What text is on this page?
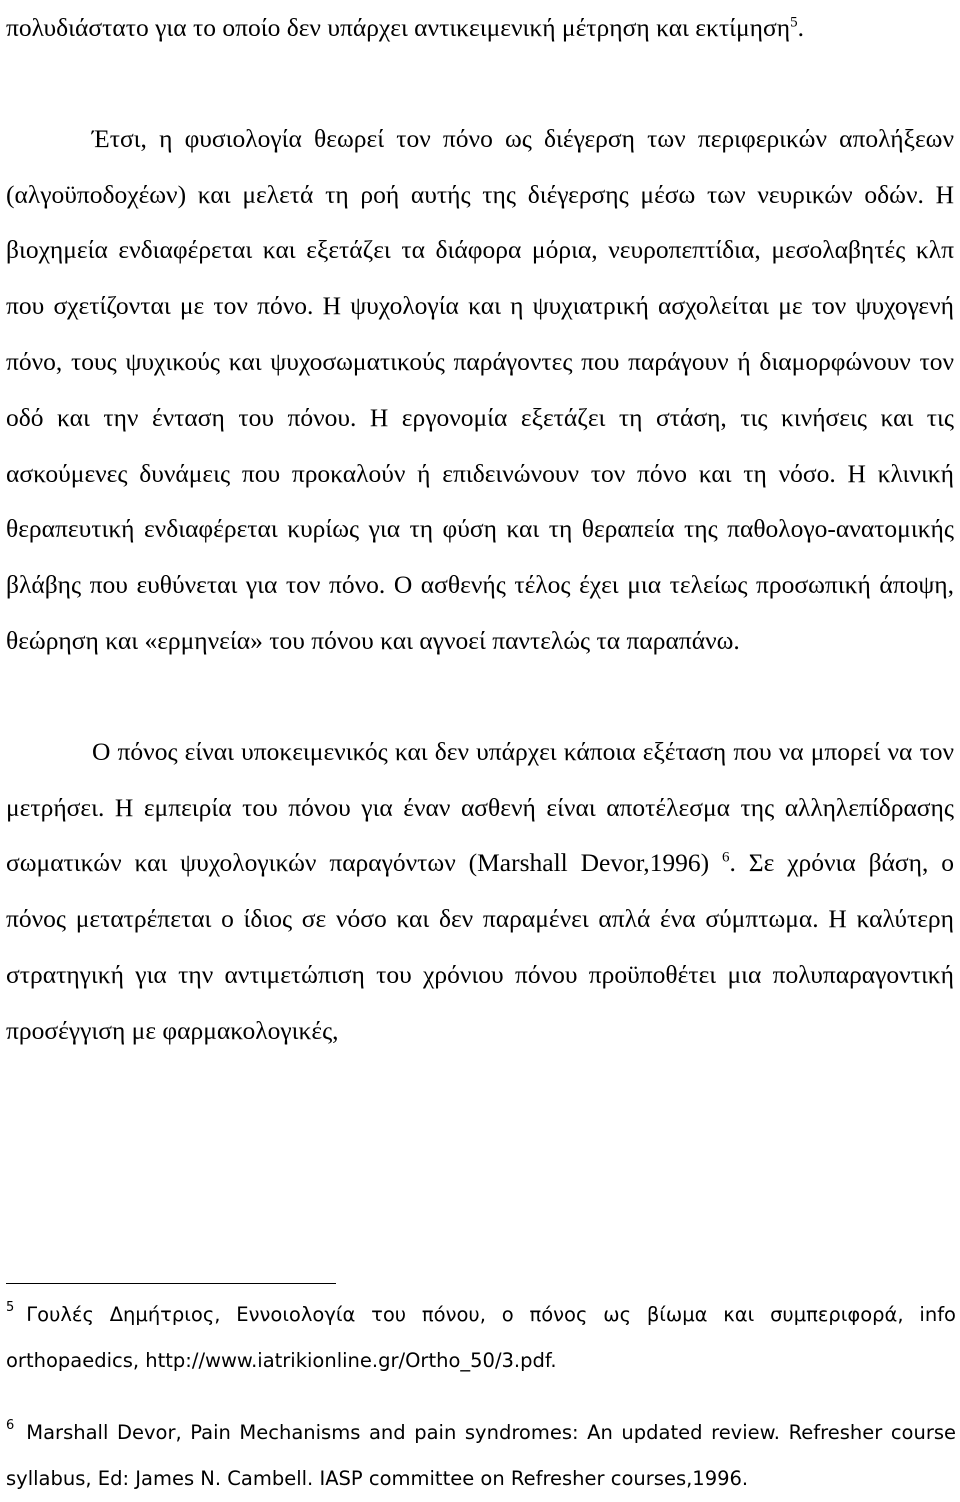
πολυδιάστατο για το οποίο δεν υπάρχει αντικειμενική μέτρηση και εκτίμηση$^5$.

Έτσι, η φυσιολογία θεωρεί τον πόνο ως διέγερση των περιφερικών απολήξεων (αλγοϋποδοχέων) και μελετά τη ροή αυτής της διέγερσης μέσω των νευρικών οδών. Η βιοχημεία ενδιαφέρεται και εξετάζει τα διάφορα μόρια, νευροπεπτίδια, μεσολαβητές κλπ που σχετίζονται με τον πόνο. Η ψυχολογία και η ψυχιατρική ασχολείται με τον ψυχογενή πόνο, τους ψυχικούς και ψυχοσωματικούς παράγοντες που παράγουν ή διαμορφώνουν τον οδό και την ένταση του πόνου. Η εργονομία εξετάζει τη στάση, τις κινήσεις και τις ασκούμενες δυνάμεις που προκαλούν ή επιδεινώνουν τον πόνο και τη νόσο. Η κλινική θεραπευτική ενδιαφέρεται κυρίως για τη φύση και τη θεραπεία της παθολογο-ανατομικής βλάβης που ευθύνεται για τον πόνο. Ο ασθενής τέλος έχει μια τελείως προσωπική άποψη, θεώρηση και «ερμηνεία» του πόνου και αγνοεί παντελώς τα παραπάνω.

Ο πόνος είναι υποκειμενικός και δεν υπάρχει κάποια εξέταση που να μπορεί να τον μετρήσει. Η εμπειρία του πόνου για έναν ασθενή είναι αποτέλεσμα της αλληλεπίδρασης σωματικών και ψυχολογικών παραγόντων (Marshall Devor,1996) $^6$. Σε χρόνια βάση, ο πόνος μετατρέπεται ο ίδιος σε νόσο και δεν παραμένει απλά ένα σύμπτωμα. Η καλύτερη στρατηγική για την αντιμετώπιση του χρόνιου πόνου προϋποθέτει μια πολυπαραγοντική προσέγγιση με φαρμακολογικές,

$^5$ Γουλές Δημήτριος, Εννοιολογία του πόνου, ο πόνος ως βίωμα και συμπεριφορά, info orthopaedics, http://www.iatrikionline.gr/Ortho_50/3.pdf.

$^6$ Marshall Devor, Pain Mechanisms and pain syndromes: An updated review. Refresher course syllabus, Ed: James N. Cambell. IASP committee on Refresher courses,1996.
